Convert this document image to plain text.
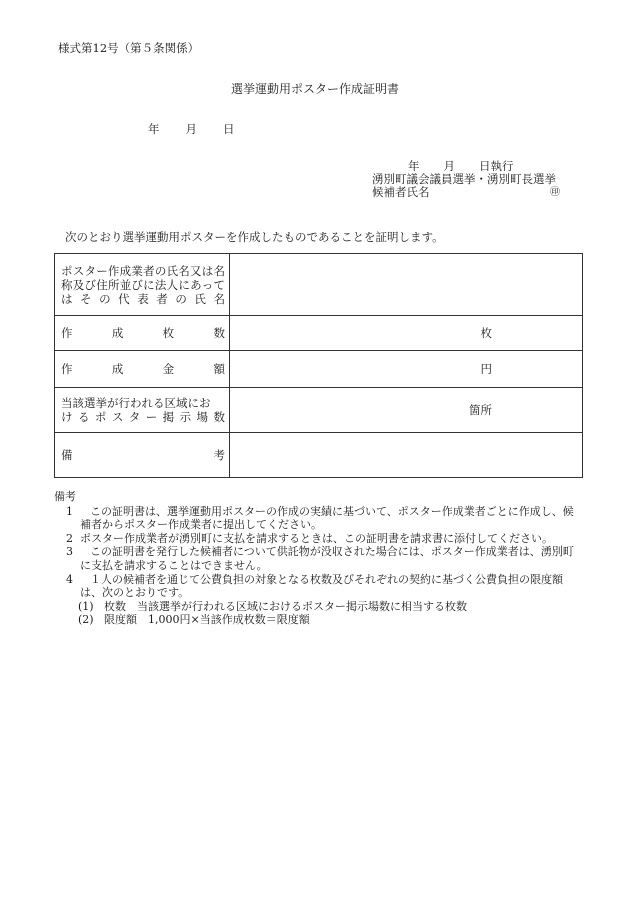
様式第12号（第５条関係）
選挙運動用ポスター作成証明書
年 月 日
年 月 日執行
湧別町議会議員選挙・湧別町長選挙
候補者氏名	㊞
次のとおり選挙運動用ポスターを作成したものであることを証明します。
ポスター作成業者の氏名又は名称及び住所並びに法人にあってはその代表者の氏名	

作 成 枚 数	枚

作 成 金 額	円

当該選挙が行われる区域にお
けるポスター掲示場数	箇所

備 考	

備考
1 この証明書は、選挙運動用ポスターの作成の実績に基づいて、ポスター作成業者ごとに作成し、候補者からポスター作成業者に提出してください。
2 ポスター作成業者が湧別町に支払を請求するときは、この証明書を請求書に添付してください。
3 この証明書を発行した候補者について供託物が没収された場合には、ポスター作成業者は、湧別町に支払を請求することはできません。
4 １人の候補者を通じて公費負担の対象となる枚数及びそれぞれの契約に基づく公費負担の限度額は、次のとおりです。
(1) 枚数　当該選挙が行われる区域におけるポスター掲示場数に相当する枚数
(2) 限度額　1,000円×当該作成枚数＝限度額
